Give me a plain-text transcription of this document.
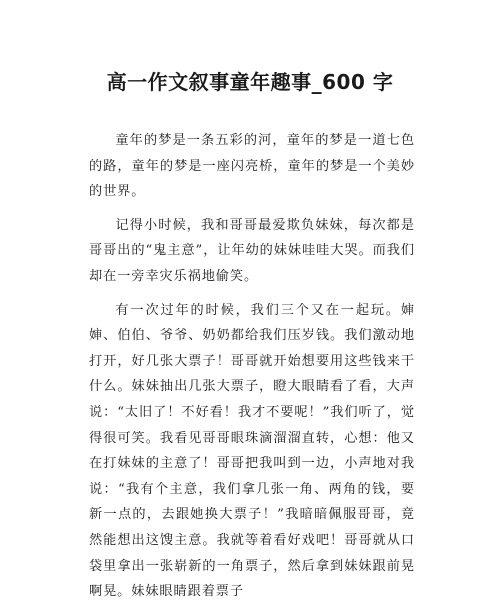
高一作文叙事童年趣事_600 字

童年的梦是一条五彩的河，童年的梦是一道七色的路，童年的梦是一座闪亮桥，童年的梦是一个美妙的世界。

记得小时候，我和哥哥最爱欺负妹妹，每次都是哥哥出的“鬼主意”，让年幼的妹妹哇哇大哭。而我们却在一旁幸灾乐祸地偷笑。

有一次过年的时候，我们三个又在一起玩。婶婶、伯伯、爷爷、奶奶都给我们压岁钱。我们激动地打开，好几张大票子！哥哥就开始想要用这些钱来干什么。妹妹抽出几张大票子，瞪大眼睛看了看，大声说：“太旧了！不好看！我才不要呢！”我们听了，觉得很可笑。我看见哥哥眼珠滴溜溜直转，心想：他又在打妹妹的主意了！哥哥把我叫到一边，小声地对我说：“我有个主意，我们拿几张一角、两角的钱，要新一点的，去跟她换大票子！”我暗暗佩服哥哥，竟然能想出这馊主意。我就等着看好戏吧！哥哥就从口袋里拿出一张崭新的一角票子，然后拿到妹妹跟前晃啊晃。妹妹眼睛跟着票子
